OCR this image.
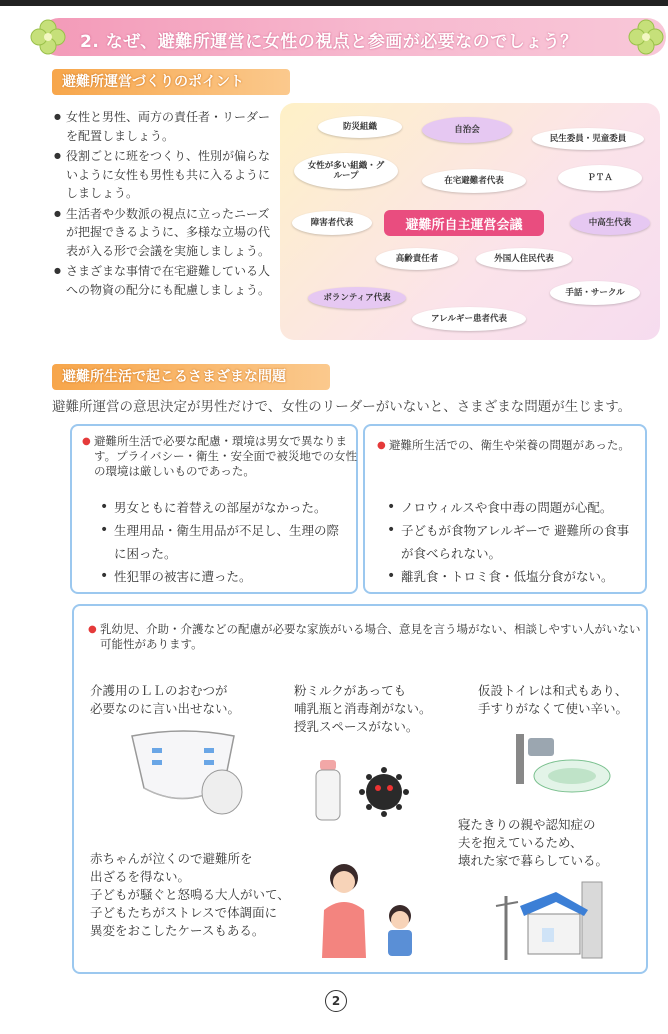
2. なぜ、避難所運営に女性の視点と参画が必要なのでしょう？
避難所運営づくりのポイント
● 女性と男性、両方の責任者・リーダーを配置しましょう。
● 役割ごとに班をつくり、性別が偏らないように女性も男性も共に入るようにしましょう。
● 生活者や少数派の視点に立ったニーズが把握できるように、多様な立場の代表が入る形で会議を実施しましょう。
● さまざまな事情で在宅避難している人への物資の配分にも配慮しましょう。
防災組織	自治会
民生委員・児童委員
女性が多い組織・グループ	在宅避難者代表	ＰＴＡ
障害者代表	避難所自主運営会議	中高生代表
高齢責任者	外国人住民代表
手話・サークル
ボランティア代表
アレルギー患者代表
避難所生活で起こるさまざまな問題
避難所運営の意思決定が男性だけで、女性のリーダーがいないと、さまざまな問題が生じます。
● 避難所生活で必要な配慮・環境は男女で異なります。プライバシー・衛生・安全面で被災地での女性の環境は厳しいものであった。
• 男女ともに着替えの部屋がなかった。
• 生理用品・衛生用品が不足し、生理の際に困った。
• 性犯罪の被害に遭った。
● 避難所生活での、衛生や栄養の問題があった。
• ノロウィルスや食中毒の問題が心配。
• 子どもが食物アレルギーで 避難所の食事が食べられない。
• 離乳食・トロミ食・低塩分食がない。
● 乳幼児、介助・介護などの配慮が必要な家族がいる場合、意見を言う場がない、相談しやすい人がいない可能性があります。
介護用のＬＬのおむつが
必要なのに言い出せない。
粉ミルクがあっても
哺乳瓶と消毒剤がない。
授乳スペースがない。
仮設トイレは和式もあり、
手すりがなくて使い辛い。
寝たきりの親や認知症の
夫を抱えているため、
壊れた家で暮らしている。
赤ちゃんが泣くので避難所を
出ざるを得ない。
子どもが騒ぐと怒鳴る大人がいて、
子どもたちがストレスで体調面に
異変をおこしたケースもある。
2
